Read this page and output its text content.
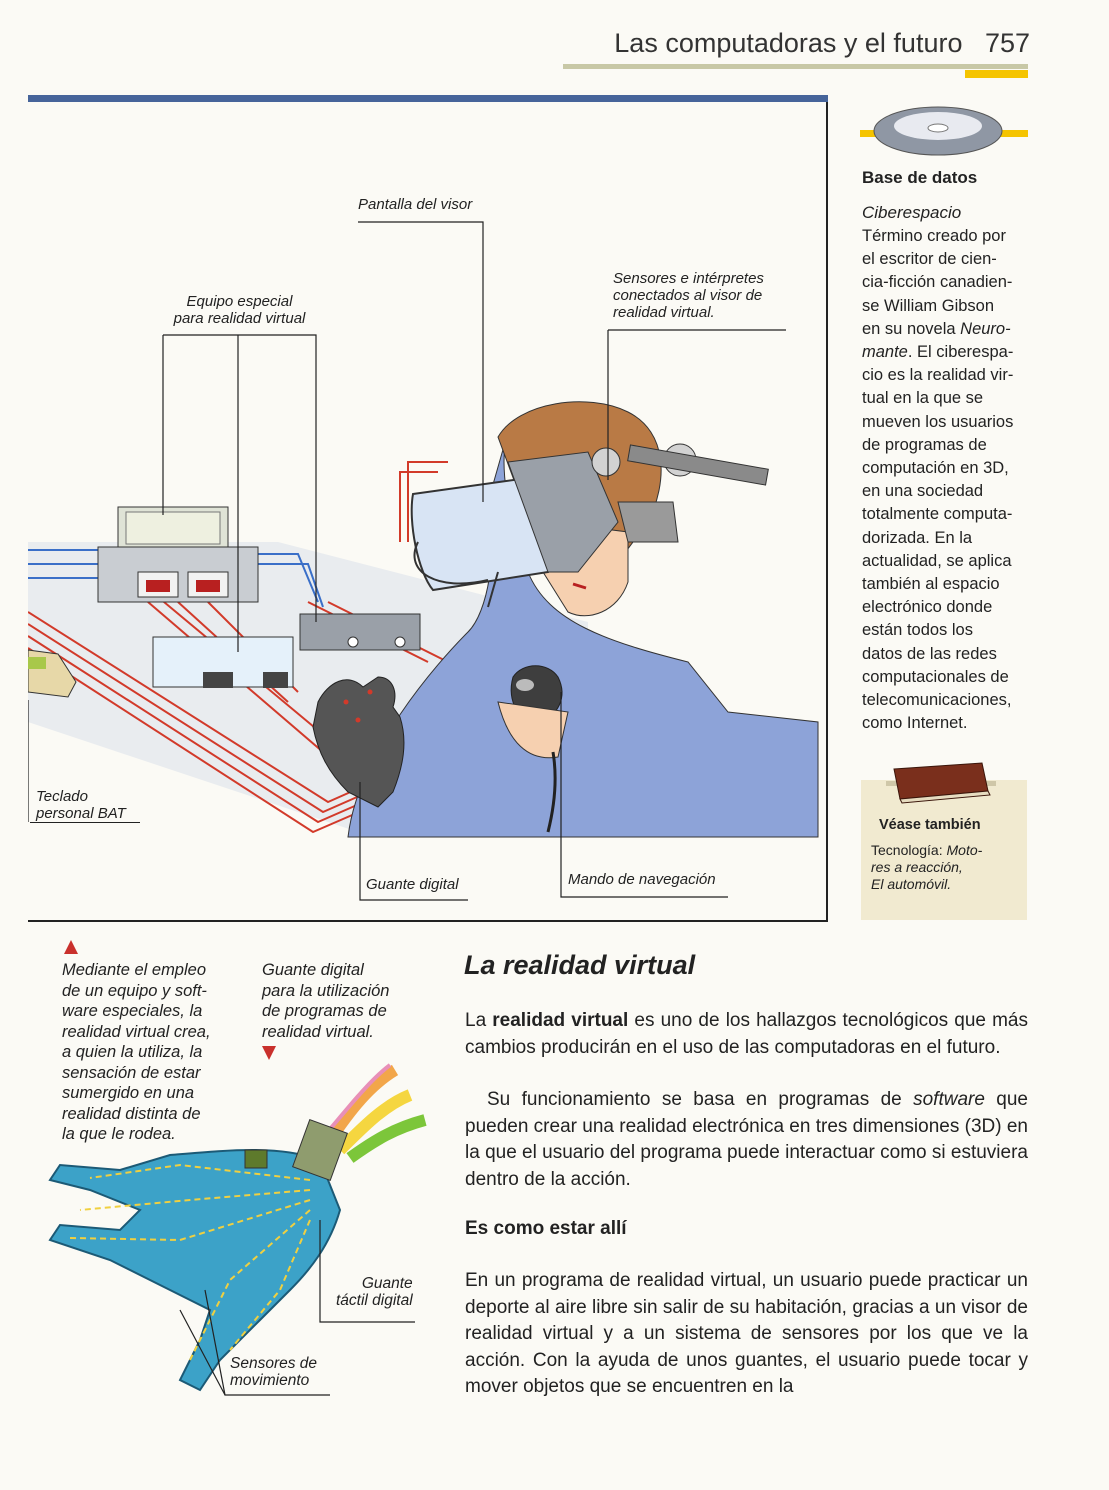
Las computadoras y el futuro 757
Pantalla del visor
Equipo especial
para realidad virtual
Sensores e intérpretes
conectados al visor de
realidad virtual.
Teclado
personal BAT
Guante digital	Mando de navegación
Base de datos
Ciberespacio
Término creado por
el escritor de cien-
cia-ficción canadien-
se William Gibson
en su novela Neuro-
mante. El ciberespa-
cio es la realidad vir-
tual en la que se
mueven los usuarios
de programas de
computación en 3D,
en una sociedad
totalmente computa-
dorizada. En la
actualidad, se aplica
también al espacio
electrónico donde
están todos los
datos de las redes
computacionales de
telecomunicaciones,
como Internet.
Véase también
Tecnología: Moto-
res a reacción,
El automóvil.
Mediante el empleo
de un equipo y soft-
ware especiales, la
realidad virtual crea,
a quien la utiliza, la
sensación de estar
sumergido en una
realidad distinta de
la que le rodea.
Guante digital
para la utilización
de programas de
realidad virtual.
Guante
táctil digital
Sensores de
movimiento
La realidad virtual
La realidad virtual es uno de los hallazgos tecnológicos que más cambios producirán en el uso de las computadoras en el futuro.
Su funcionamiento se basa en programas de software que pueden crear una realidad electrónica en tres dimensiones (3D) en la que el usuario del programa puede interactuar como si estuviera dentro de la acción.
Es como estar allí
En un programa de realidad virtual, un usuario puede practicar un deporte al aire libre sin salir de su habitación, gracias a un visor de realidad virtual y a un sistema de sensores por los que ve la acción. Con la ayuda de unos guantes, el usuario puede tocar y mover objetos que se encuentren en la
